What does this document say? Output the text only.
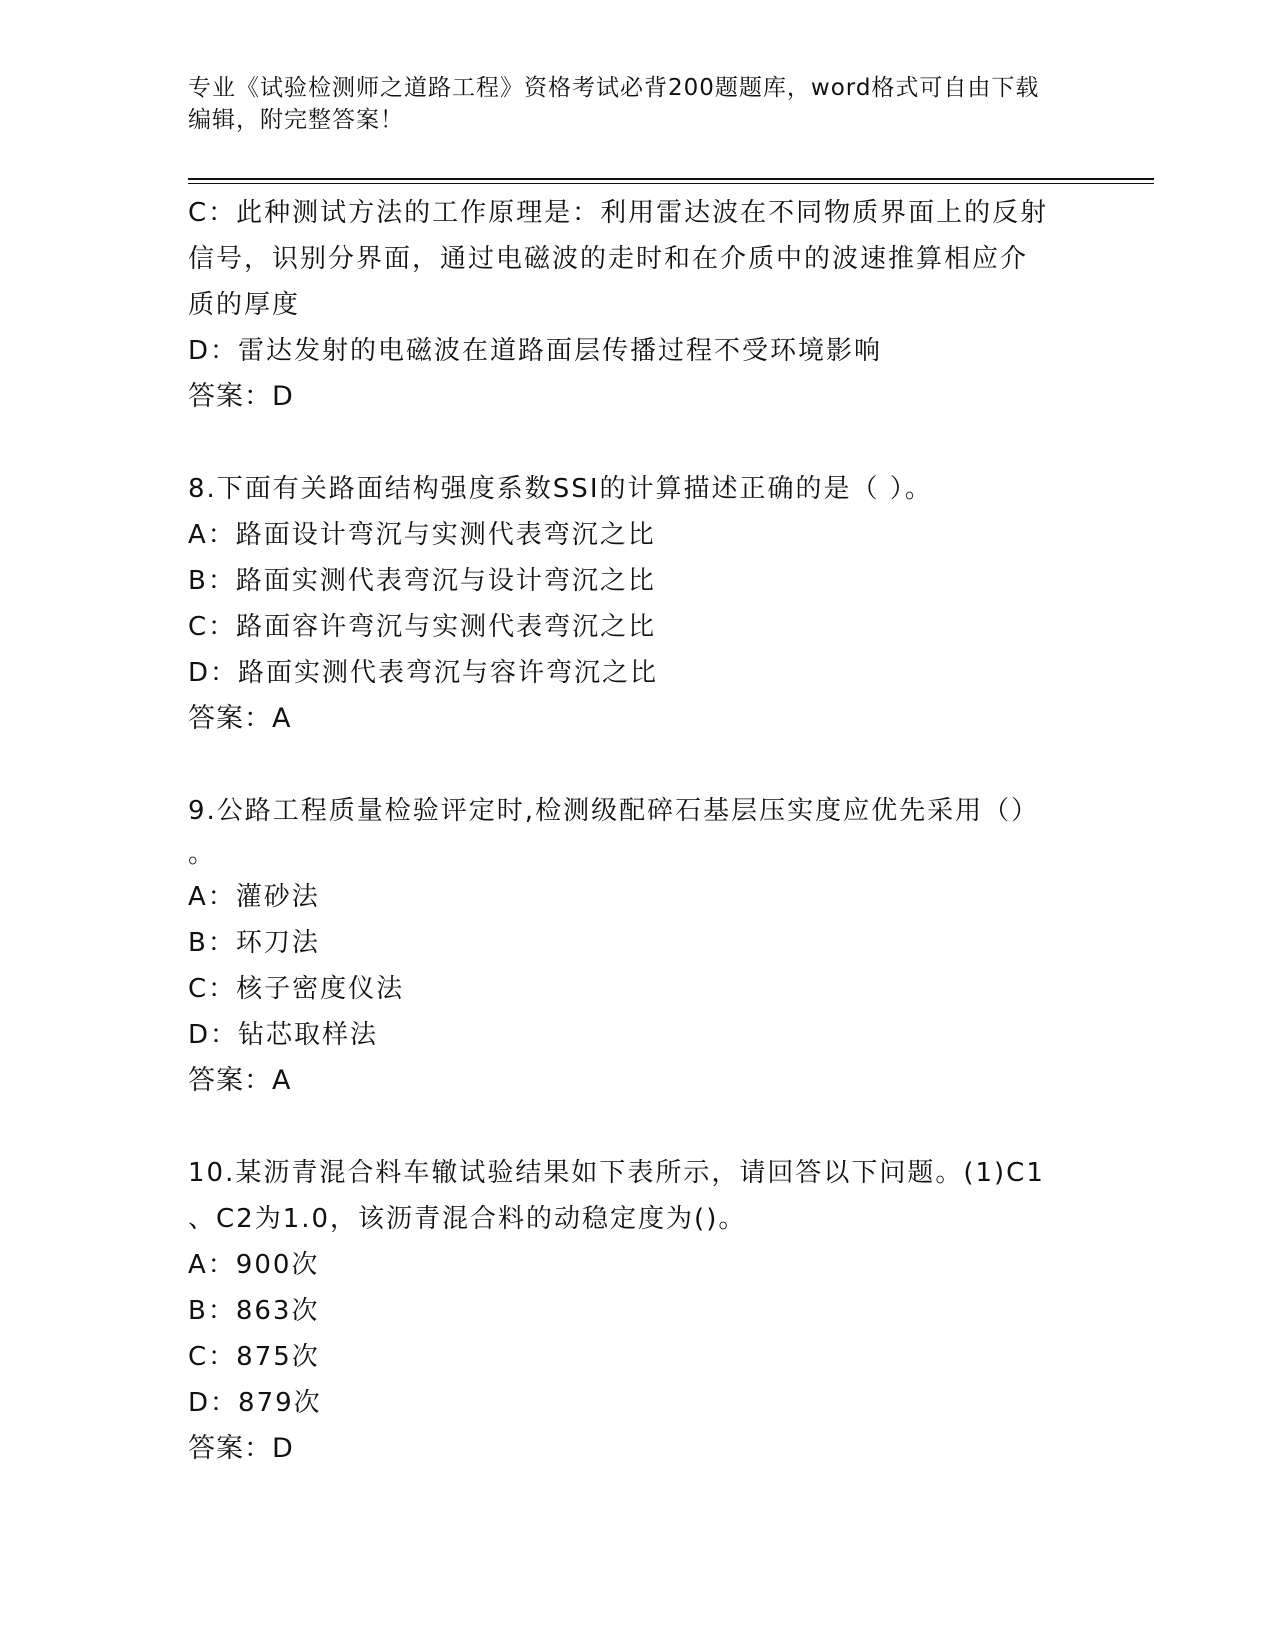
专业《试验检测师之道路工程》资格考试必背200题题库，word格式可自由下载
编辑，附完整答案！
C：此种测试方法的工作原理是：利用雷达波在不同物质界面上的反射
信号，识别分界面，通过电磁波的走时和在介质中的波速推算相应介
质的厚度
D：雷达发射的电磁波在道路面层传播过程不受环境影响
答案：D
8.下面有关路面结构强度系数SSI的计算描述正确的是（ ）。
A：路面设计弯沉与实测代表弯沉之比
B：路面实测代表弯沉与设计弯沉之比
C：路面容许弯沉与实测代表弯沉之比
D：路面实测代表弯沉与容许弯沉之比
答案：A
9.公路工程质量检验评定时,检测级配碎石基层压实度应优先采用（）
。
A：灌砂法
B：环刀法
C：核子密度仪法
D：钻芯取样法
答案：A
10.某沥青混合料车辙试验结果如下表所示，请回答以下问题。(1)C1
、C2为1.0，该沥青混合料的动稳定度为()。
A：900次
B：863次
C：875次
D：879次
答案：D
